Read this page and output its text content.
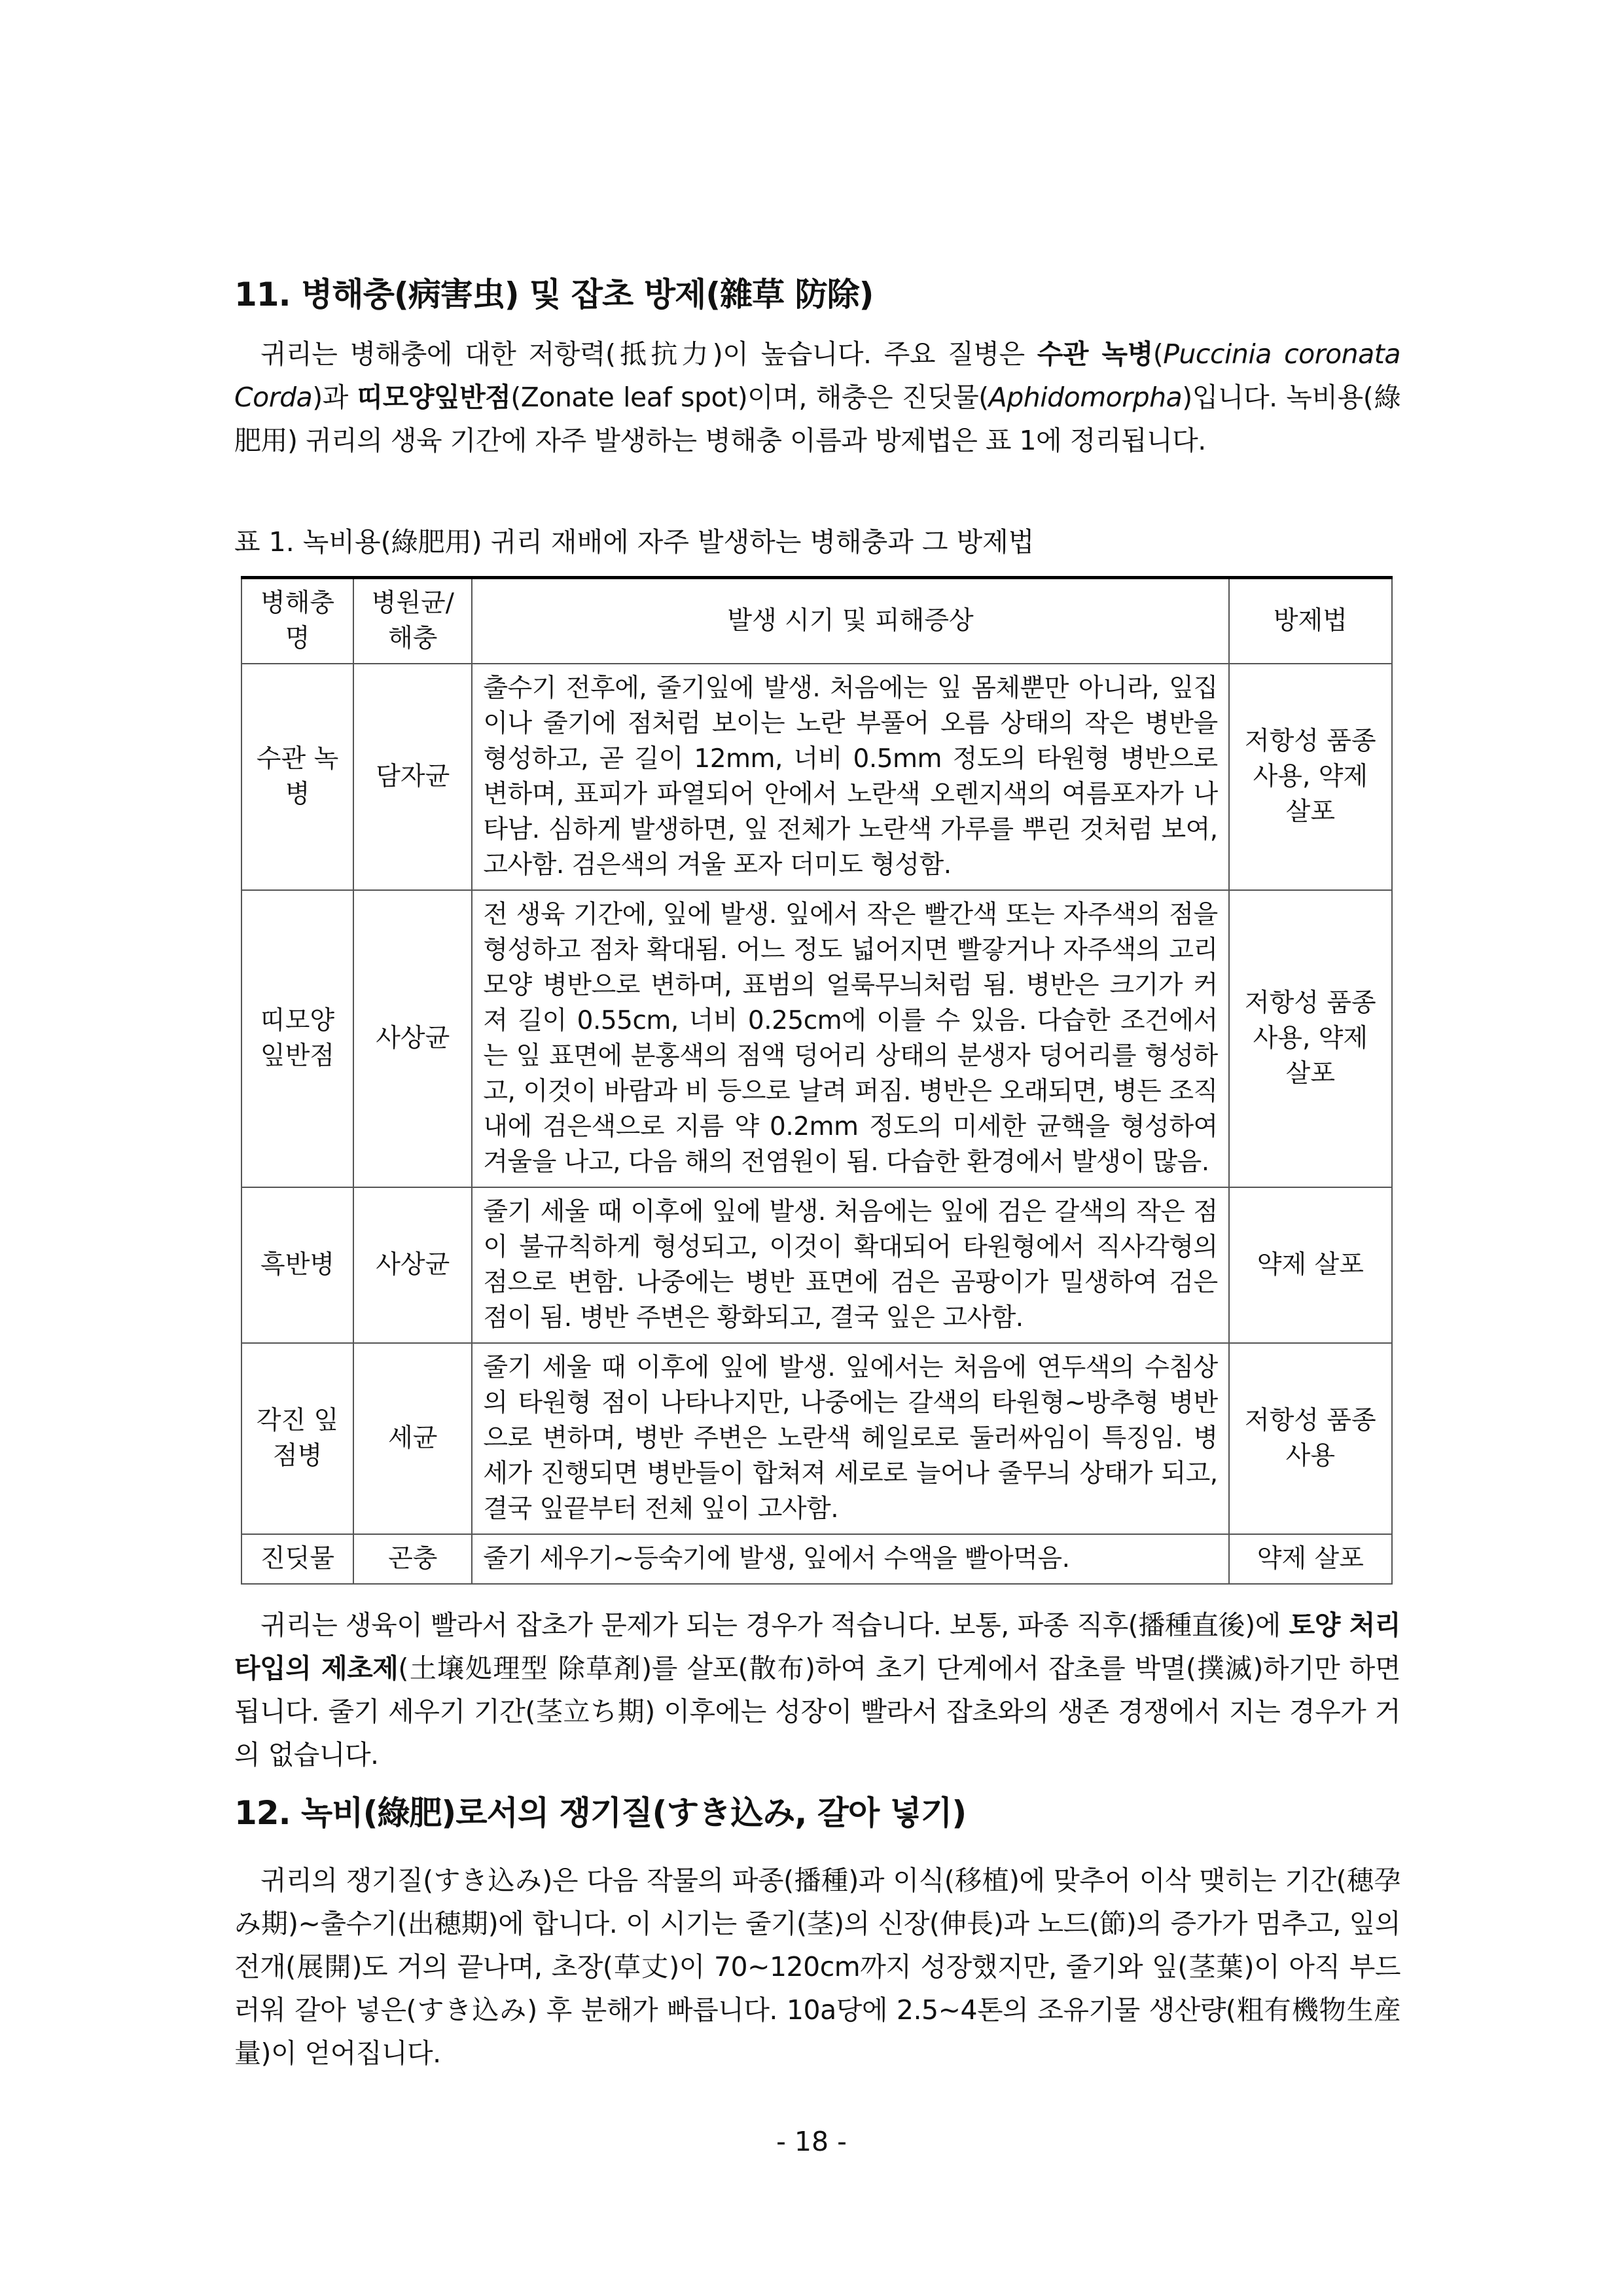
11. 병해충(病害虫) 및 잡초 방제(雜草 防除)

귀리는 병해충에 대한 저항력(抵抗力)이 높습니다. 주요 질병은 수관 녹병(Puccinia coronata Corda)과 띠모양잎반점(Zonate leaf spot)이며, 해충은 진딧물(Aphidomorpha)입니다. 녹비용(綠肥用) 귀리의 생육 기간에 자주 발생하는 병해충 이름과 방제법은 표 1에 정리됩니다.

표 1. 녹비용(綠肥用) 귀리 재배에 자주 발생하는 병해충과 그 방제법

병해충명	병원균/해충	발생 시기 및 피해증상	방제법
수관 녹병	담자균	출수기 전후에, 줄기잎에 발생. 처음에는 잎 몸체뿐만 아니라, 잎집이나 줄기에 점처럼 보이는 노란 부풀어 오름 상태의 작은 병반을 형성하고, 곧 길이 12mm, 너비 0.5mm 정도의 타원형 병반으로 변하며, 표피가 파열되어 안에서 노란색 오렌지색의 여름포자가 나타남. 심하게 발생하면, 잎 전체가 노란색 가루를 뿌린 것처럼 보여, 고사함. 검은색의 겨울 포자 더미도 형성함.	저항성 품종 사용, 약제 살포
띠모양 잎반점	사상균	전 생육 기간에, 잎에 발생. 잎에서 작은 빨간색 또는 자주색의 점을 형성하고 점차 확대됨. 어느 정도 넓어지면 빨갛거나 자주색의 고리 모양 병반으로 변하며, 표범의 얼룩무늬처럼 됨. 병반은 크기가 커져 길이 0.55cm, 너비 0.25cm에 이를 수 있음. 다습한 조건에서는 잎 표면에 분홍색의 점액 덩어리 상태의 분생자 덩어리를 형성하고, 이것이 바람과 비 등으로 날려 퍼짐. 병반은 오래되면, 병든 조직 내에 검은색으로 지름 약 0.2mm 정도의 미세한 균핵을 형성하여 겨울을 나고, 다음 해의 전염원이 됨. 다습한 환경에서 발생이 많음.	저항성 품종 사용, 약제 살포
흑반병	사상균	줄기 세울 때 이후에 잎에 발생. 처음에는 잎에 검은 갈색의 작은 점이 불규칙하게 형성되고, 이것이 확대되어 타원형에서 직사각형의 점으로 변함. 나중에는 병반 표면에 검은 곰팡이가 밀생하여 검은 점이 됨. 병반 주변은 황화되고, 결국 잎은 고사함.	약제 살포
각진 잎점병	세균	줄기 세울 때 이후에 잎에 발생. 잎에서는 처음에 연두색의 수침상의 타원형 점이 나타나지만, 나중에는 갈색의 타원형~방추형 병반으로 변하며, 병반 주변은 노란색 헤일로로 둘러싸임이 특징임. 병세가 진행되면 병반들이 합쳐져 세로로 늘어나 줄무늬 상태가 되고, 결국 잎끝부터 전체 잎이 고사함.	저항성 품종 사용
진딧물	곤충	줄기 세우기~등숙기에 발생, 잎에서 수액을 빨아먹음.	약제 살포

귀리는 생육이 빨라서 잡초가 문제가 되는 경우가 적습니다. 보통, 파종 직후(播種直後)에 토양 처리 타입의 제초제(土壌処理型 除草剤)를 살포(散布)하여 초기 단계에서 잡초를 박멸(撲滅)하기만 하면 됩니다. 줄기 세우기 기간(茎立ち期) 이후에는 성장이 빨라서 잡초와의 생존 경쟁에서 지는 경우가 거의 없습니다.

12. 녹비(綠肥)로서의 쟁기질(すき込み, 갈아 넣기)

귀리의 쟁기질(すき込み)은 다음 작물의 파종(播種)과 이식(移植)에 맞추어 이삭 맺히는 기간(穂孕み期)~출수기(出穂期)에 합니다. 이 시기는 줄기(茎)의 신장(伸長)과 노드(節)의 증가가 멈추고, 잎의 전개(展開)도 거의 끝나며, 초장(草丈)이 70~120cm까지 성장했지만, 줄기와 잎(茎葉)이 아직 부드러워 갈아 넣은(すき込み) 후 분해가 빠릅니다. 10a당에 2.5~4톤의 조유기물 생산량(粗有機物生産量)이 얻어집니다.

- 18 -
